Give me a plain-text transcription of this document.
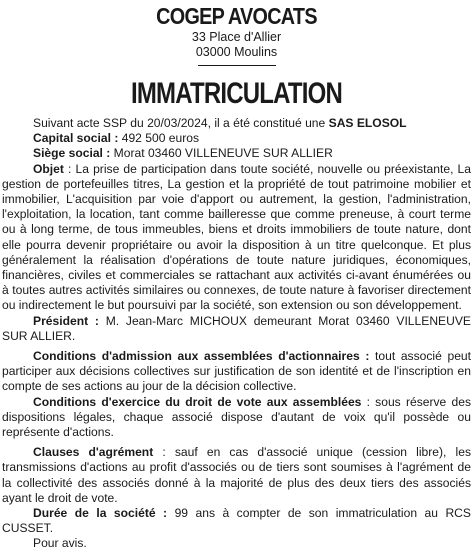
COGEP AVOCATS
33 Place d'Allier
03000 Moulins
IMMATRICULATION

Suivant acte SSP du 20/03/2024, il a été constitué une SAS ELOSOL

Capital social : 492 500 euros

Siège social : Morat 03460 VILLENEUVE SUR ALLIER

Objet : La prise de participation dans toute société, nouvelle ou préexistante, La gestion de portefeuilles titres, La gestion et la propriété de tout patrimoine mobilier et immobilier, L'acquisition par voie d'apport ou autrement, la gestion, l'administration, l'exploitation, la location, tant comme bailleresse que comme preneuse, à court terme ou à long terme, de tous immeubles, biens et droits immobiliers de toute nature, dont elle pourra devenir propriétaire ou avoir la disposition à un titre quelconque. Et plus généralement la réalisation d'opérations de toute nature juridiques, économiques, financières, civiles et commerciales se rattachant aux activités ci-avant énumérées ou à toutes autres activités similaires ou connexes, de toute nature à favoriser directement ou indirectement le but poursuivi par la société, son extension ou son développement.

Président : M. Jean-Marc MICHOUX demeurant Morat 03460 VILLENEUVE SUR ALLIER.

Conditions d'admission aux assemblées d'actionnaires : tout associé peut participer aux décisions collectives sur justification de son identité et de l'inscription en compte de ses actions au jour de la décision collective.

Conditions d'exercice du droit de vote aux assemblées : sous réserve des dispositions légales, chaque associé dispose d'autant de voix qu'il possède ou représente d'actions.

Clauses d'agrément : sauf en cas d'associé unique (cession libre), les transmissions d'actions au profit d'associés ou de tiers sont soumises à l'agrément de la collectivité des associés donné à la majorité de plus des deux tiers des associés ayant le droit de vote.

Durée de la société : 99 ans à compter de son immatriculation au RCS CUSSET.

Pour avis.
